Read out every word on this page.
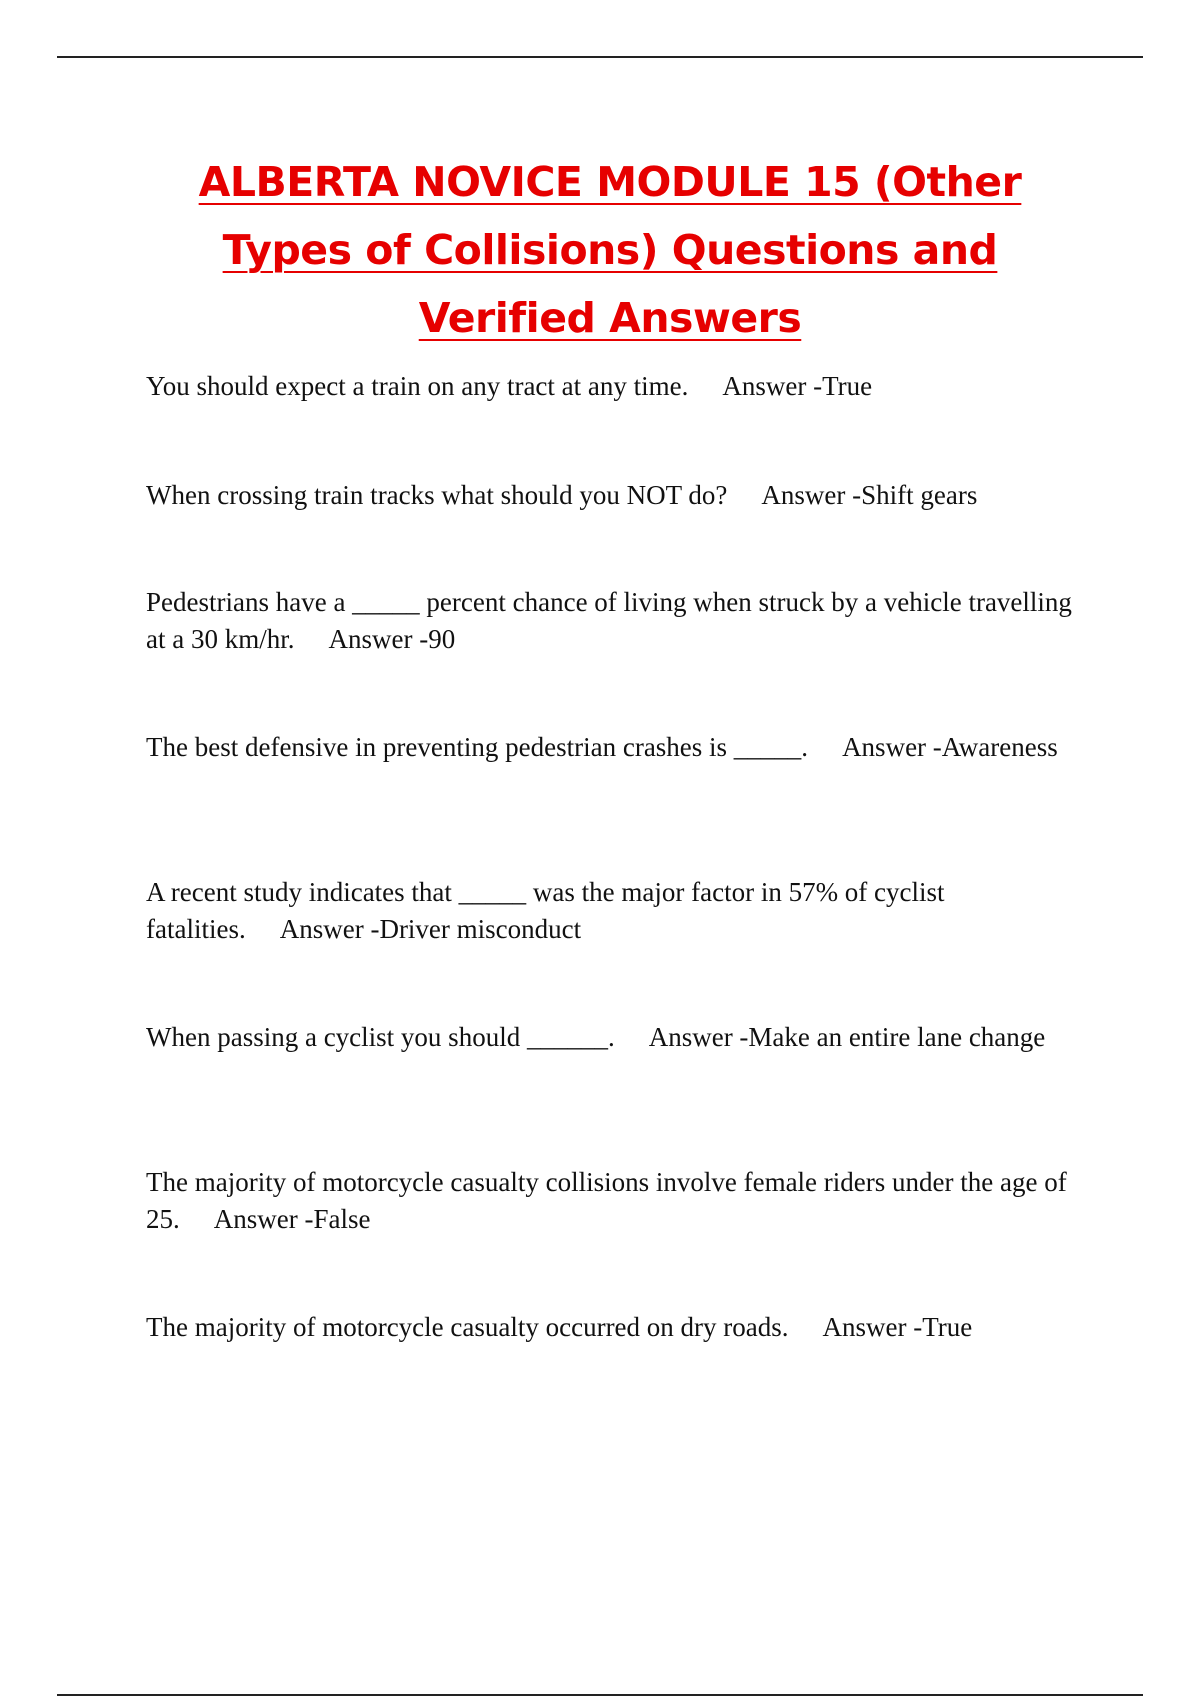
ALBERTA NOVICE MODULE 15 (Other Types of Collisions) Questions and Verified Answers
You should expect a train on any tract at any time. Answer -True
When crossing train tracks what should you NOT do? Answer -Shift gears
Pedestrians have a _____ percent chance of living when struck by a vehicle travelling at a 30 km/hr. Answer -90
The best defensive in preventing pedestrian crashes is _____. Answer -Awareness
A recent study indicates that _____ was the major factor in 57% of cyclist fatalities. Answer -Driver misconduct
When passing a cyclist you should ______. Answer -Make an entire lane change
The majority of motorcycle casualty collisions involve female riders under the age of 25. Answer -False
The majority of motorcycle casualty occurred on dry roads. Answer -True
